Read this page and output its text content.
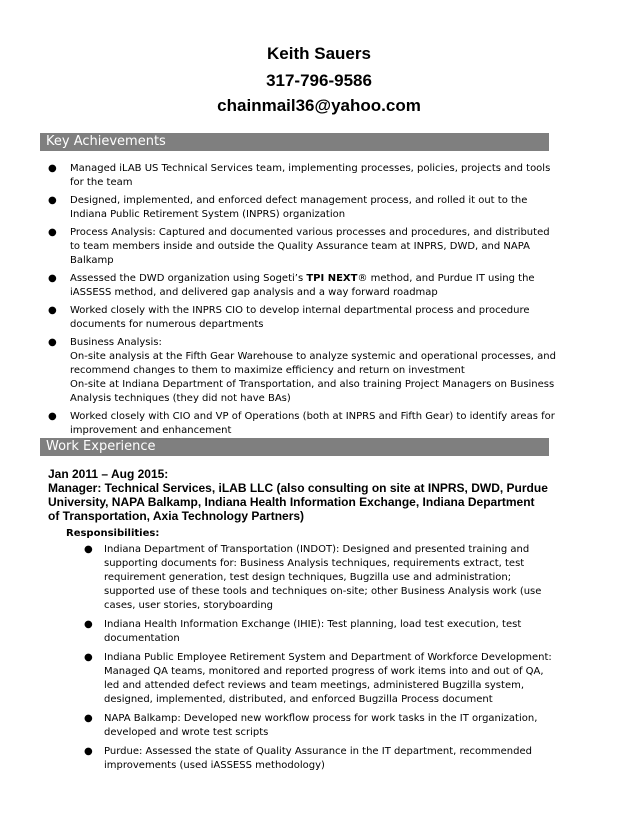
Keith Sauers
317-796-9586
chainmail36@yahoo.com
Key Achievements
● Managed iLAB US Technical Services team, implementing processes, policies, projects and tools for the team
● Designed, implemented, and enforced defect management process, and rolled it out to the Indiana Public Retirement System (INPRS) organization
● Process Analysis: Captured and documented various processes and procedures, and distributed to team members inside and outside the Quality Assurance team at INPRS, DWD, and NAPA Balkamp
● Assessed the DWD organization using Sogeti’s TPI NEXT® method, and Purdue IT using the iASSESS method, and delivered gap analysis and a way forward roadmap
● Worked closely with the INPRS CIO to develop internal departmental process and procedure documents for numerous departments
● Business Analysis:
On-site analysis at the Fifth Gear Warehouse to analyze systemic and operational processes, and recommend changes to them to maximize efficiency and return on investment
On-site at Indiana Department of Transportation, and also training Project Managers on Business Analysis techniques (they did not have BAs)
● Worked closely with CIO and VP of Operations (both at INPRS and Fifth Gear) to identify areas for improvement and enhancement
Work Experience
Jan 2011 – Aug 2015:
Manager: Technical Services, iLAB LLC (also consulting on site at INPRS, DWD, Purdue University, NAPA Balkamp, Indiana Health Information Exchange, Indiana Department of Transportation, Axia Technology Partners)
Responsibilities:
● Indiana Department of Transportation (INDOT): Designed and presented training and supporting documents for: Business Analysis techniques, requirements extract, test requirement generation, test design techniques, Bugzilla use and administration; supported use of these tools and techniques on-site; other Business Analysis work (use cases, user stories, storyboarding
● Indiana Health Information Exchange (IHIE): Test planning, load test execution, test documentation
● Indiana Public Employee Retirement System and Department of Workforce Development: Managed QA teams, monitored and reported progress of work items into and out of QA, led and attended defect reviews and team meetings, administered Bugzilla system, designed, implemented, distributed, and enforced Bugzilla Process document
● NAPA Balkamp: Developed new workflow process for work tasks in the IT organization, developed and wrote test scripts
● Purdue: Assessed the state of Quality Assurance in the IT department, recommended improvements (used iASSESS methodology)
